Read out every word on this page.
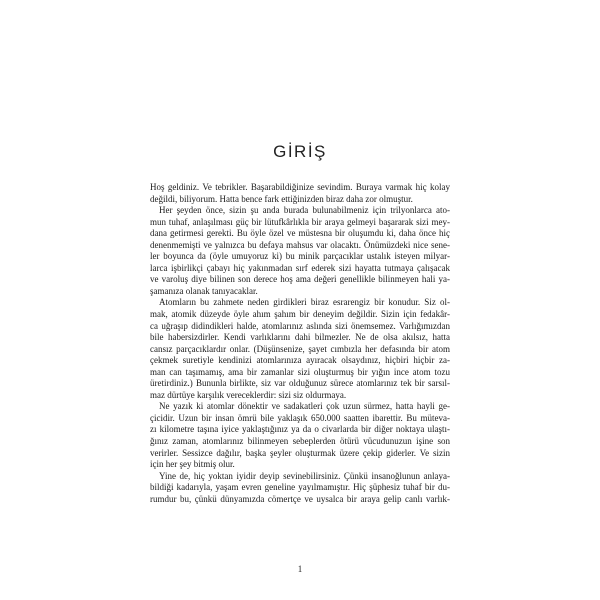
GİRİŞ
Hoş geldiniz. Ve tebrikler. Başarabildiğinize sevindim. Buraya varmak hiç kolay
değildi, biliyorum. Hatta bence fark ettiğinizden biraz daha zor olmuştur.
Her şeyden önce, sizin şu anda burada bulunabilmeniz için trilyonlarca ato-
mun tuhaf, anlaşılması güç bir lütufkârlıkla bir araya gelmeyi başararak sizi mey-
dana getirmesi gerekti. Bu öyle özel ve müstesna bir oluşumdu ki, daha önce hiç
denenmemişti ve yalnızca bu defaya mahsus var olacaktı. Önümüzdeki nice sene-
ler boyunca da (öyle umuyoruz ki) bu minik parçacıklar ustalık isteyen milyar-
larca işbirlikçi çabayı hiç yakınmadan sırf ederek sizi hayatta tutmaya çalışacak
ve varoluş diye bilinen son derece hoş ama değeri genellikle bilinmeyen hali ya-
şamanıza olanak tanıyacaklar.
Atomların bu zahmete neden girdikleri biraz esrarengiz bir konudur. Siz ol-
mak, atomik düzeyde öyle ahım şahım bir deneyim değildir. Sizin için fedakâr-
ca uğraşıp didindikleri halde, atomlarınız aslında sizi önemsemez. Varlığımızdan
bile habersizdirler. Kendi varlıklarını dahi bilmezler. Ne de olsa akılsız, hatta
cansız parçacıklardır onlar. (Düşünsenize, şayet cımbızla her defasında bir atom
çekmek suretiyle kendinizi atomlarınıza ayıracak olsaydınız, hiçbiri hiçbir za-
man can taşımamış, ama bir zamanlar sizi oluşturmuş bir yığın ince atom tozu
üretirdiniz.) Bununla birlikte, siz var olduğunuz sürece atomlarınız tek bir sarsıl-
maz dürtüye karşılık vereceklerdir: sizi siz oldurmaya.
Ne yazık ki atomlar dönektir ve sadakatleri çok uzun sürmez, hatta hayli ge-
çicidir. Uzun bir insan ömrü bile yaklaşık 650.000 saatten ibarettir. Bu müteva-
zı kilometre taşına iyice yaklaştığınız ya da o civarlarda bir diğer noktaya ulaştı-
ğınız zaman, atomlarınız bilinmeyen sebeplerden ötürü vücudunuzun işine son
verirler. Sessizce dağılır, başka şeyler oluşturmak üzere çekip giderler. Ve sizin
için her şey bitmiş olur.
Yine de, hiç yoktan iyidir deyip sevinebilirsiniz. Çünkü insanoğlunun anlaya-
bildiği kadarıyla, yaşam evren geneline yayılmamıştır. Hiç şüphesiz tuhaf bir du-
rumdur bu, çünkü dünyamızda cömertçe ve uysalca bir araya gelip canlı varlık-
1
